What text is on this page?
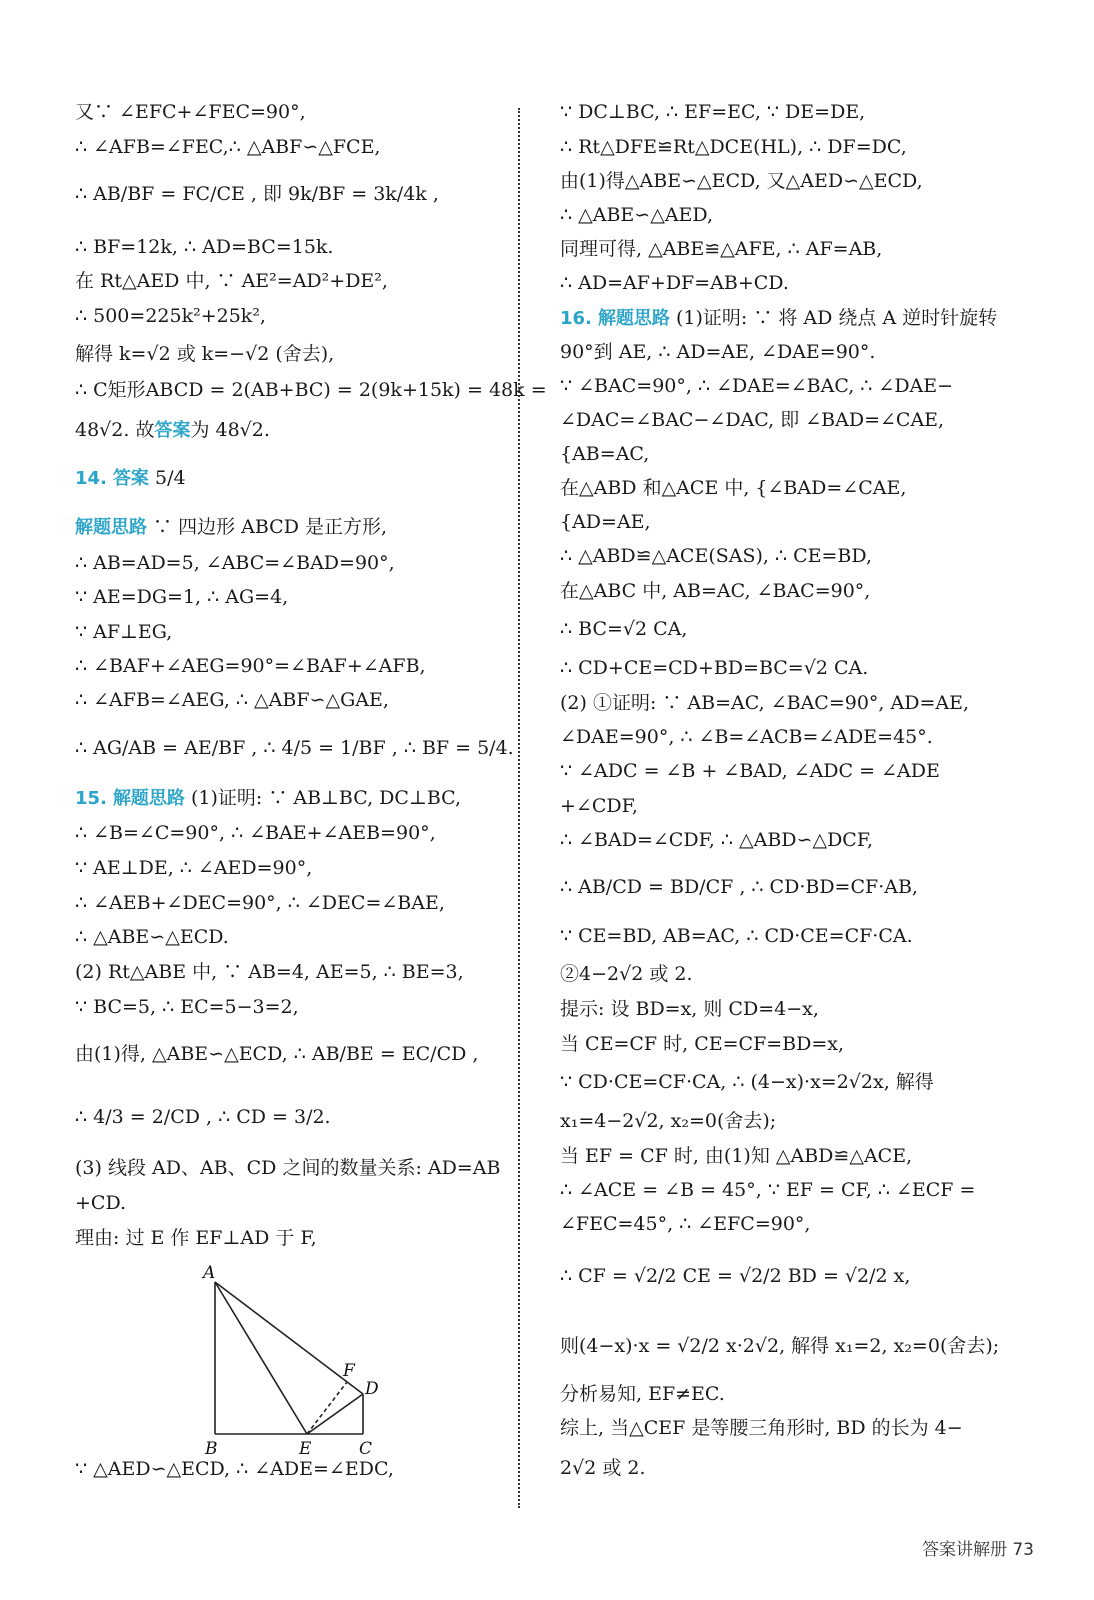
又∵ ∠EFC+∠FEC=90°,
∴ ∠AFB=∠FEC,∴ △ABF∽△FCE,
∴ AB/BF = FC/CE , 即 9k/BF = 3k/4k ,
∴ BF=12k, ∴ AD=BC=15k.
在 Rt△AED 中, ∵ AE²=AD²+DE²,
∴ 500=225k²+25k²,
解得 k=√2 或 k=−√2 (舍去),
∴ C矩形ABCD = 2(AB+BC) = 2(9k+15k) = 48k =
48√2. 故答案为 48√2.
14. 答案 5/4
解题思路 ∵ 四边形 ABCD 是正方形,
∴ AB=AD=5, ∠ABC=∠BAD=90°,
∵ AE=DG=1, ∴ AG=4,
∵ AF⊥EG,
∴ ∠BAF+∠AEG=90°=∠BAF+∠AFB,
∴ ∠AFB=∠AEG, ∴ △ABF∽△GAE,
∴ AG/AB = AE/BF , ∴ 4/5 = 1/BF , ∴ BF = 5/4.
15. 解题思路 (1)证明: ∵ AB⊥BC, DC⊥BC,
∴ ∠B=∠C=90°, ∴ ∠BAE+∠AEB=90°,
∵ AE⊥DE, ∴ ∠AED=90°,
∴ ∠AEB+∠DEC=90°, ∴ ∠DEC=∠BAE,
∴ △ABE∽△ECD.
(2) Rt△ABE 中, ∵ AB=4, AE=5, ∴ BE=3,
∵ BC=5, ∴ EC=5−3=2,
由(1)得, △ABE∽△ECD, ∴ AB/BE = EC/CD ,
∴ 4/3 = 2/CD , ∴ CD = 3/2.
(3) 线段 AD、AB、CD 之间的数量关系: AD=AB
+CD.
理由: 过 E 作 EF⊥AD 于 F,
∵ △AED∽△ECD, ∴ ∠ADE=∠EDC,
∵ DC⊥BC, ∴ EF=EC, ∵ DE=DE,
∴ Rt△DFE≌Rt△DCE(HL), ∴ DF=DC,
由(1)得△ABE∽△ECD, 又△AED∽△ECD,
∴ △ABE∽△AED,
同理可得, △ABE≌△AFE, ∴ AF=AB,
∴ AD=AF+DF=AB+CD.
16. 解题思路 (1)证明: ∵ 将 AD 绕点 A 逆时针旋转
90°到 AE, ∴ AD=AE, ∠DAE=90°.
∵ ∠BAC=90°, ∴ ∠DAE=∠BAC, ∴ ∠DAE−
∠DAC=∠BAC−∠DAC, 即 ∠BAD=∠CAE,
{AB=AC,
在△ABD 和△ACE 中, {∠BAD=∠CAE,
{AD=AE,
∴ △ABD≌△ACE(SAS), ∴ CE=BD,
在△ABC 中, AB=AC, ∠BAC=90°,
∴ BC=√2 CA,
∴ CD+CE=CD+BD=BC=√2 CA.
(2) ①证明: ∵ AB=AC, ∠BAC=90°, AD=AE,
∠DAE=90°, ∴ ∠B=∠ACB=∠ADE=45°.
∵ ∠ADC = ∠B + ∠BAD, ∠ADC = ∠ADE
+∠CDF,
∴ ∠BAD=∠CDF, ∴ △ABD∽△DCF,
∴ AB/CD = BD/CF , ∴ CD·BD=CF·AB,
∵ CE=BD, AB=AC, ∴ CD·CE=CF·CA.
②4−2√2 或 2.
提示: 设 BD=x, 则 CD=4−x,
当 CE=CF 时, CE=CF=BD=x,
∵ CD·CE=CF·CA, ∴ (4−x)·x=2√2x, 解得
x₁=4−2√2, x₂=0(舍去);
当 EF = CF 时, 由(1)知 △ABD≌△ACE,
∴ ∠ACE = ∠B = 45°, ∵ EF = CF, ∴ ∠ECF =
∠FEC=45°, ∴ ∠EFC=90°,
∴ CF = √2/2 CE = √2/2 BD = √2/2 x,
则(4−x)·x = √2/2 x·2√2, 解得 x₁=2, x₂=0(舍去);
分析易知, EF≠EC.
综上, 当△CEF 是等腰三角形时, BD 的长为 4−
2√2 或 2.
A
B	E	C
D
F
答案讲解册 73
